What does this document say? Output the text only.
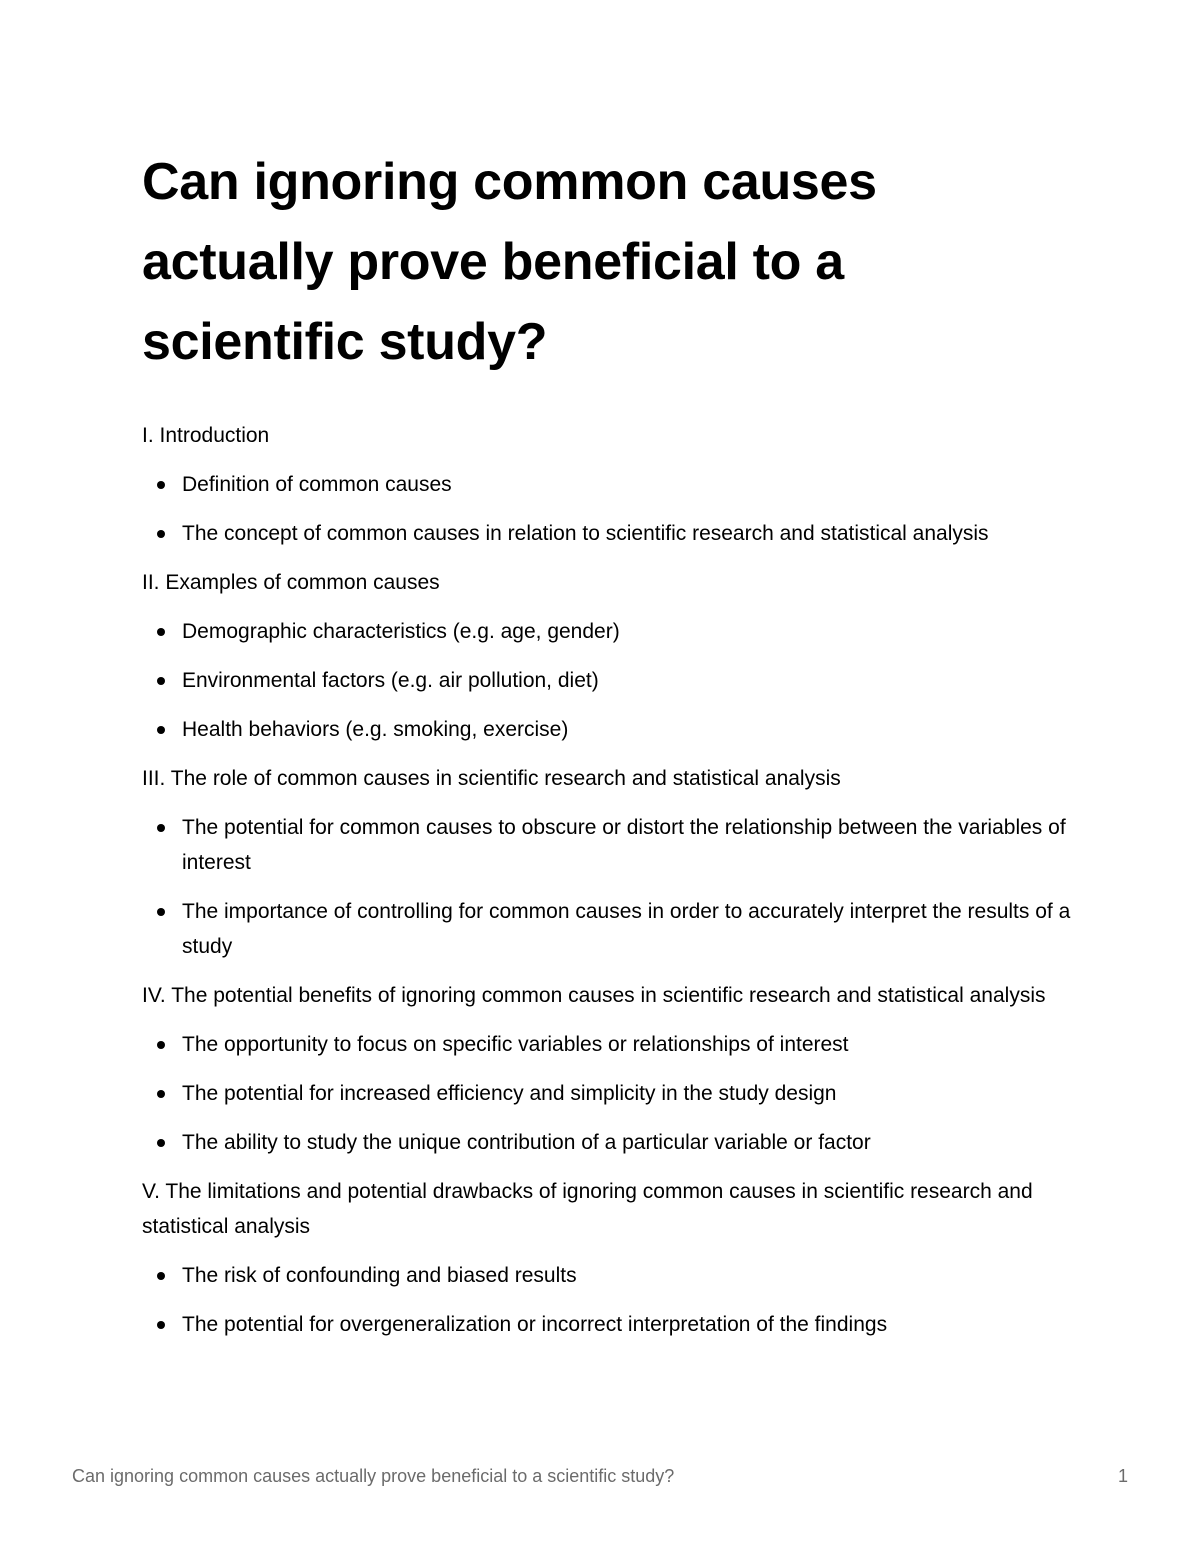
Can ignoring common causes actually prove beneficial to a scientific study?

I. Introduction

Definition of common causes
The concept of common causes in relation to scientific research and statistical analysis

II. Examples of common causes

Demographic characteristics (e.g. age, gender)
Environmental factors (e.g. air pollution, diet)
Health behaviors (e.g. smoking, exercise)

III. The role of common causes in scientific research and statistical analysis

The potential for common causes to obscure or distort the relationship between the variables of interest
The importance of controlling for common causes in order to accurately interpret the results of a study

IV. The potential benefits of ignoring common causes in scientific research and statistical analysis

The opportunity to focus on specific variables or relationships of interest
The potential for increased efficiency and simplicity in the study design
The ability to study the unique contribution of a particular variable or factor

V. The limitations and potential drawbacks of ignoring common causes in scientific research and statistical analysis

The risk of confounding and biased results
The potential for overgeneralization or incorrect interpretation of the findings
Can ignoring common causes actually prove beneficial to a scientific study?	1
